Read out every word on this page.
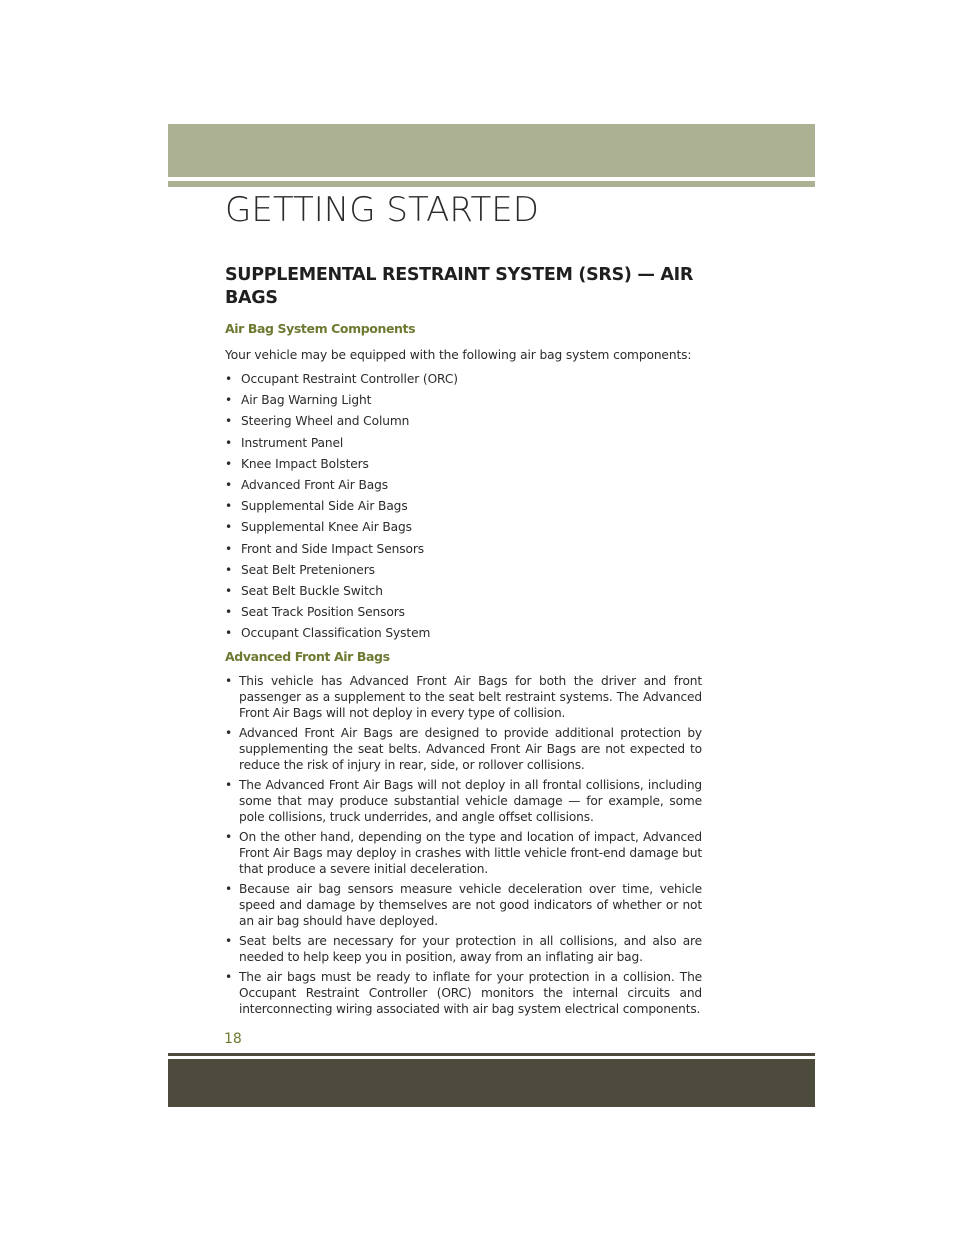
GETTING STARTED
SUPPLEMENTAL RESTRAINT SYSTEM (SRS) — AIR BAGS
Air Bag System Components

Your vehicle may be equipped with the following air bag system components:

• Occupant Restraint Controller (ORC)
• Air Bag Warning Light
• Steering Wheel and Column
• Instrument Panel
• Knee Impact Bolsters
• Advanced Front Air Bags
• Supplemental Side Air Bags
• Supplemental Knee Air Bags
• Front and Side Impact Sensors
• Seat Belt Pretenioners
• Seat Belt Buckle Switch
• Seat Track Position Sensors
• Occupant Classification System
Advanced Front Air Bags
• This vehicle has Advanced Front Air Bags for both the driver and front passenger as a supplement to the seat belt restraint systems. The Advanced Front Air Bags will not deploy in every type of collision.
• Advanced Front Air Bags are designed to provide additional protection by supplementing the seat belts. Advanced Front Air Bags are not expected to reduce the risk of injury in rear, side, or rollover collisions.
• The Advanced Front Air Bags will not deploy in all frontal collisions, including some that may produce substantial vehicle damage — for example, some pole collisions, truck underrides, and angle offset collisions.
• On the other hand, depending on the type and location of impact, Advanced Front Air Bags may deploy in crashes with little vehicle front-end damage but that produce a severe initial deceleration.
• Because air bag sensors measure vehicle deceleration over time, vehicle speed and damage by themselves are not good indicators of whether or not an air bag should have deployed.
• Seat belts are necessary for your protection in all collisions, and also are needed to help keep you in position, away from an inflating air bag.
• The air bags must be ready to inflate for your protection in a collision. The Occupant Restraint Controller (ORC) monitors the internal circuits and interconnecting wiring associated with air bag system electrical components.
18
